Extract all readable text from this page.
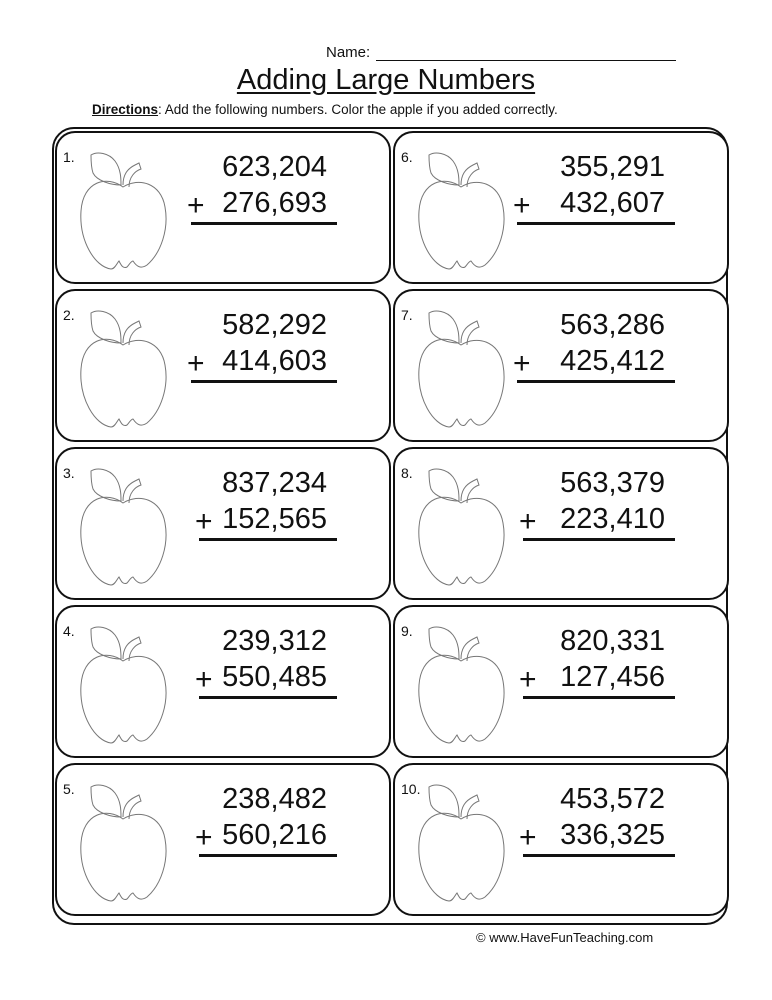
Name:
Adding Large Numbers
Directions: Add the following numbers. Color the apple if you added correctly.
1.	623,204
276,693
+
2.	582,292
414,603
+
3.	837,234
152,565
+
4.	239,312
550,485
+
5.	238,482
560,216
+
6.	355,291
432,607
+
7.	563,286
425,412
+
8.	563,379
223,410
+
9.	820,331
127,456
+
10.	453,572
336,325
+
© www.HaveFunTeaching.com
